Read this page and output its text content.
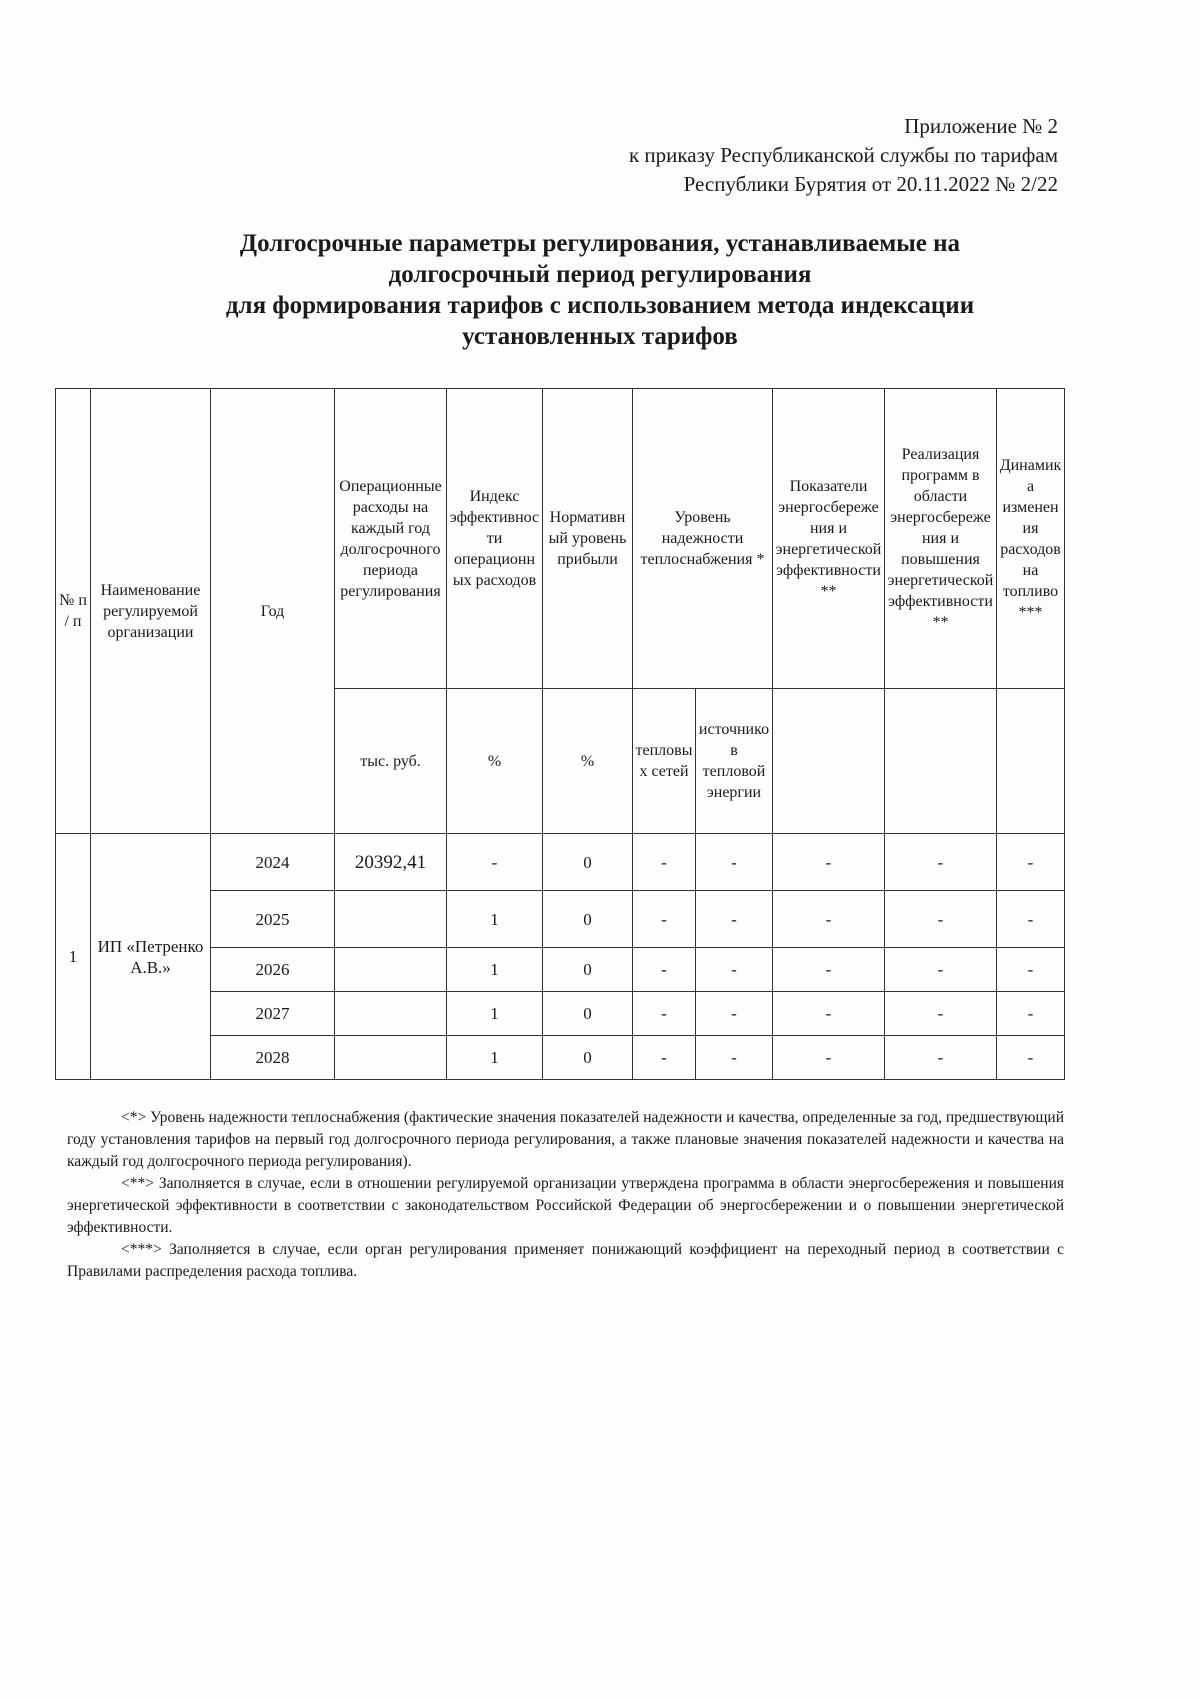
Приложение № 2
к приказу Республиканской службы по тарифам
Республики Бурятия от 20.11.2022 № 2/22
Долгосрочные параметры регулирования, устанавливаемые на
долгосрочный период регулирования
для формирования тарифов с использованием метода индексации
установленных тарифов
№ п / п	Наименование регулируемой организации	Год	Операционные расходы на каждый год долгосрочного периода регулирования	Индекс эффективности операционных расходов	Нормативный уровень прибыли	Уровень надежности теплоснабжения *		Показатели энергосбережения и энергетической эффективности **	Реализация программ в области энергосбережения и повышения энергетической эффективности **	Динамика изменения расходов на топливо ***
			тыс. руб.	%	%	тепловых сетей	источников тепловой энергии			
1	ИП «Петренко А.В.»	2024	20392,41	-	0	-	-	-	-	-
		2025		1	0	-	-	-	-	-
		2026		1	0	-	-	-	-	-
		2027		1	0	-	-	-	-	-
		2028		1	0	-	-	-	-	-

<*> Уровень надежности теплоснабжения (фактические значения показателей надежности и качества, определенные за год, предшествующий году установления тарифов на первый год долгосрочного периода регулирования, а также плановые значения показателей надежности и качества на каждый год долгосрочного периода регулирования).

<**> Заполняется в случае, если в отношении регулируемой организации утверждена программа в области энергосбережения и повышения энергетической эффективности в соответствии с законодательством Российской Федерации об энергосбережении и о повышении энергетической эффективности.

<***> Заполняется в случае, если орган регулирования применяет понижающий коэффициент на переходный период в соответствии с Правилами распределения расхода топлива.
